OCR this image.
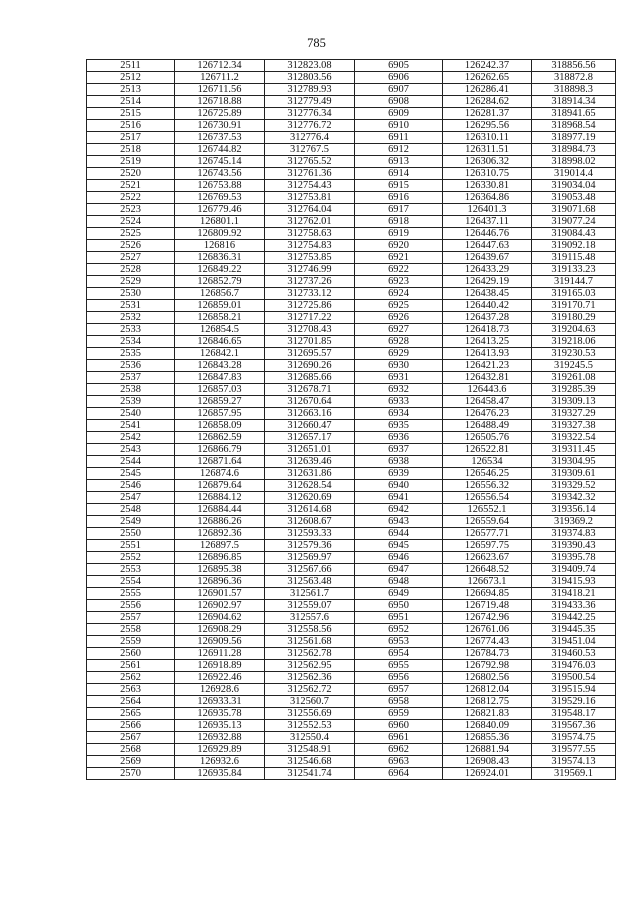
785
2511	126712.34	312823.08	6905	126242.37	318856.56
2512	126711.2	312803.56	6906	126262.65	318872.8
2513	126711.56	312789.93	6907	126286.41	318898.3
2514	126718.88	312779.49	6908	126284.62	318914.34
2515	126725.89	312776.34	6909	126281.37	318941.65
2516	126730.91	312776.72	6910	126295.56	318968.54
2517	126737.53	312776.4	6911	126310.11	318977.19
2518	126744.82	312767.5	6912	126311.51	318984.73
2519	126745.14	312765.52	6913	126306.32	318998.02
2520	126743.56	312761.36	6914	126310.75	319014.4
2521	126753.88	312754.43	6915	126330.81	319034.04
2522	126769.53	312753.81	6916	126364.86	319053.48
2523	126779.46	312764.04	6917	126401.3	319071.68
2524	126801.1	312762.01	6918	126437.11	319077.24
2525	126809.92	312758.63	6919	126446.76	319084.43
2526	126816	312754.83	6920	126447.63	319092.18
2527	126836.31	312753.85	6921	126439.67	319115.48
2528	126849.22	312746.99	6922	126433.29	319133.23
2529	126852.79	312737.26	6923	126429.19	319144.7
2530	126856.7	312733.12	6924	126438.45	319165.03
2531	126859.01	312725.86	6925	126440.42	319170.71
2532	126858.21	312717.22	6926	126437.28	319180.29
2533	126854.5	312708.43	6927	126418.73	319204.63
2534	126846.65	312701.85	6928	126413.25	319218.06
2535	126842.1	312695.57	6929	126413.93	319230.53
2536	126843.28	312690.26	6930	126421.23	319245.5
2537	126847.83	312685.66	6931	126432.81	319261.08
2538	126857.03	312678.71	6932	126443.6	319285.39
2539	126859.27	312670.64	6933	126458.47	319309.13
2540	126857.95	312663.16	6934	126476.23	319327.29
2541	126858.09	312660.47	6935	126488.49	319327.38
2542	126862.59	312657.17	6936	126505.76	319322.54
2543	126866.79	312651.01	6937	126522.81	319311.45
2544	126871.64	312639.46	6938	126534	319304.95
2545	126874.6	312631.86	6939	126546.25	319309.61
2546	126879.64	312628.54	6940	126556.32	319329.52
2547	126884.12	312620.69	6941	126556.54	319342.32
2548	126884.44	312614.68	6942	126552.1	319356.14
2549	126886.26	312608.67	6943	126559.64	319369.2
2550	126892.36	312593.33	6944	126577.71	319374.83
2551	126897.5	312579.36	6945	126597.75	319390.43
2552	126896.85	312569.97	6946	126623.67	319395.78
2553	126895.38	312567.66	6947	126648.52	319409.74
2554	126896.36	312563.48	6948	126673.1	319415.93
2555	126901.57	312561.7	6949	126694.85	319418.21
2556	126902.97	312559.07	6950	126719.48	319433.36
2557	126904.62	312557.6	6951	126742.96	319442.25
2558	126908.29	312558.56	6952	126761.06	319445.35
2559	126909.56	312561.68	6953	126774.43	319451.04
2560	126911.28	312562.78	6954	126784.73	319460.53
2561	126918.89	312562.95	6955	126792.98	319476.03
2562	126922.46	312562.36	6956	126802.56	319500.54
2563	126928.6	312562.72	6957	126812.04	319515.94
2564	126933.31	312560.7	6958	126812.75	319529.16
2565	126935.78	312556.69	6959	126821.83	319548.17
2566	126935.13	312552.53	6960	126840.09	319567.36
2567	126932.88	312550.4	6961	126855.36	319574.75
2568	126929.89	312548.91	6962	126881.94	319577.55
2569	126932.6	312546.68	6963	126908.43	319574.13
2570	126935.84	312541.74	6964	126924.01	319569.1
